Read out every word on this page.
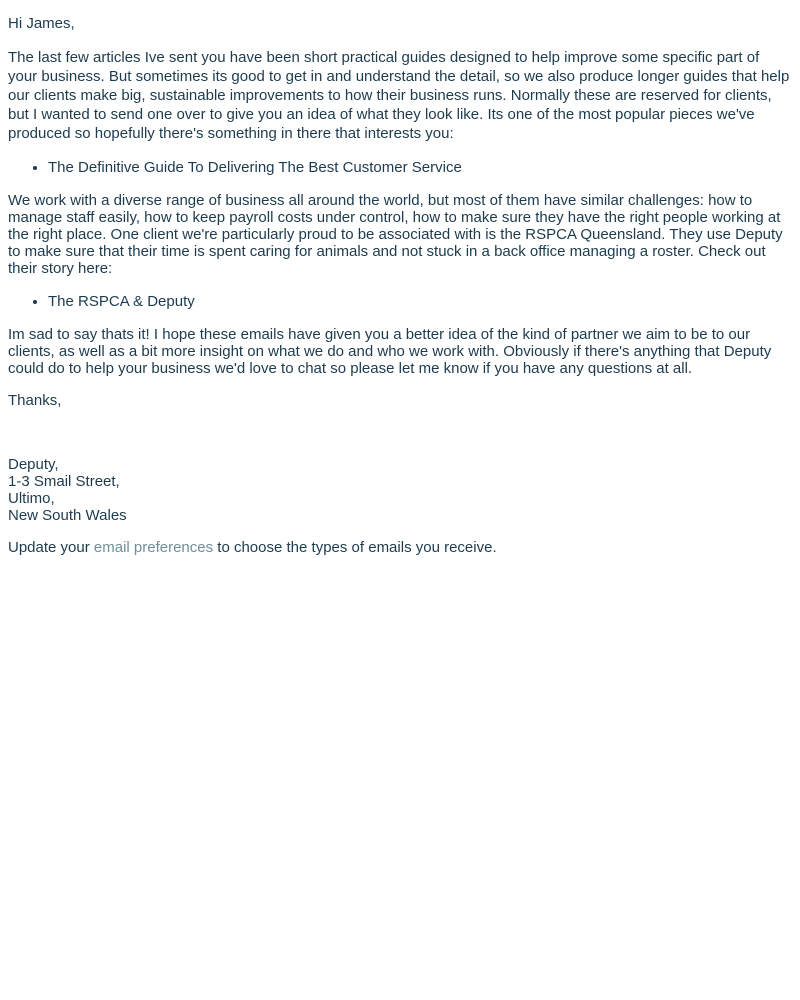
Hi James,

The last few articles Ive sent you have been short practical guides designed to help improve some specific part of your business. But sometimes its good to get in and understand the detail, so we also produce longer guides that help our clients make big, sustainable improvements to how their business runs. Normally these are reserved for clients, but I wanted to send one over to give you an idea of what they look like. Its one of the most popular pieces we've produced so hopefully there's something in there that interests you:

• The Definitive Guide To Delivering The Best Customer Service

We work with a diverse range of business all around the world, but most of them have similar challenges: how to manage staff easily, how to keep payroll costs under control, how to make sure they have the right people working at the right place. One client we're particularly proud to be associated with is the RSPCA Queensland. They use Deputy to make sure that their time is spent caring for animals and not stuck in a back office managing a roster. Check out their story here:

• The RSPCA & Deputy

Im sad to say thats it! I hope these emails have given you a better idea of the kind of partner we aim to be to our clients, as well as a bit more insight on what we do and who we work with. Obviously if there's anything that Deputy could do to help your business we'd love to chat so please let me know if you have any questions at all.

Thanks,

Deputy,
1-3 Smail Street,
Ultimo,
New South Wales

Update your email preferences to choose the types of emails you receive.
